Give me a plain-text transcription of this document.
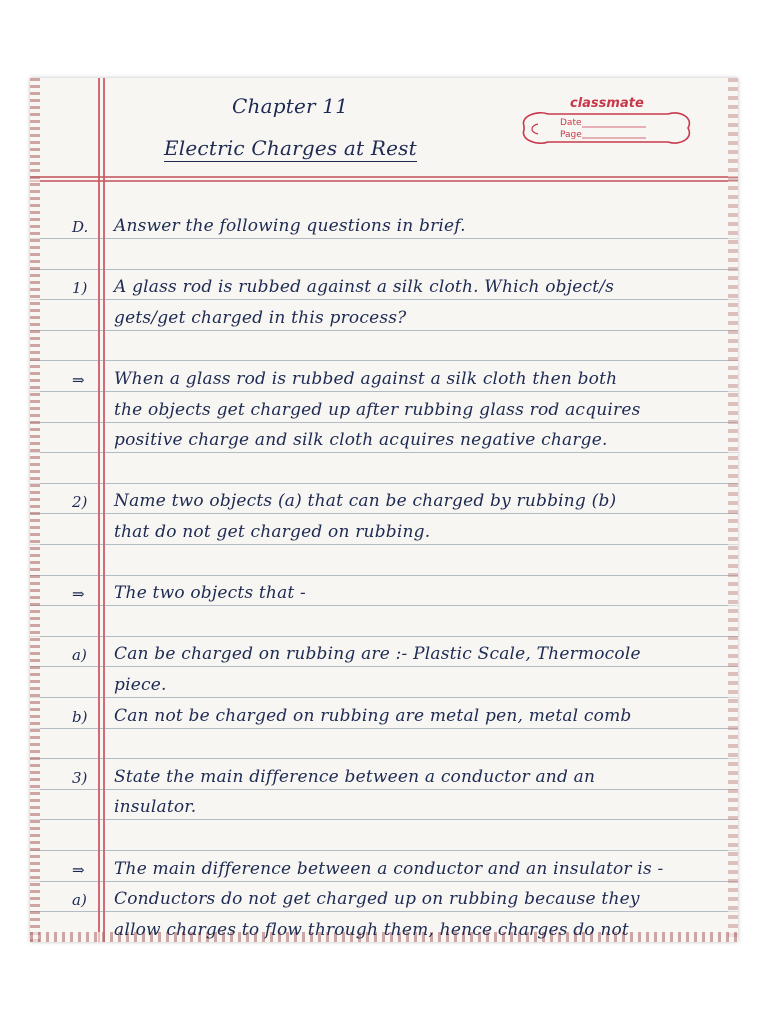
classmate
Date
Page
Chapter 11
Electric Charges at Rest
D. Answer the following questions in brief.
1) A glass rod is rubbed against a silk cloth. Which object/s
gets/get charged in this process?
⇒ When a glass rod is rubbed against a silk cloth then both
the objects get charged up after rubbing glass rod acquires
positive charge and silk cloth acquires negative charge.
2) Name two objects (a) that can be charged by rubbing (b)
that do not get charged on rubbing.
⇒ The two objects that -
a) Can be charged on rubbing are :- Plastic Scale, Thermocole
piece.
b) Can not be charged on rubbing are metal pen, metal comb
3) State the main difference between a conductor and an
insulator.
⇒ The main difference between a conductor and an insulator is -
a) Conductors do not get charged up on rubbing because they
allow charges to flow through them, hence charges do not
